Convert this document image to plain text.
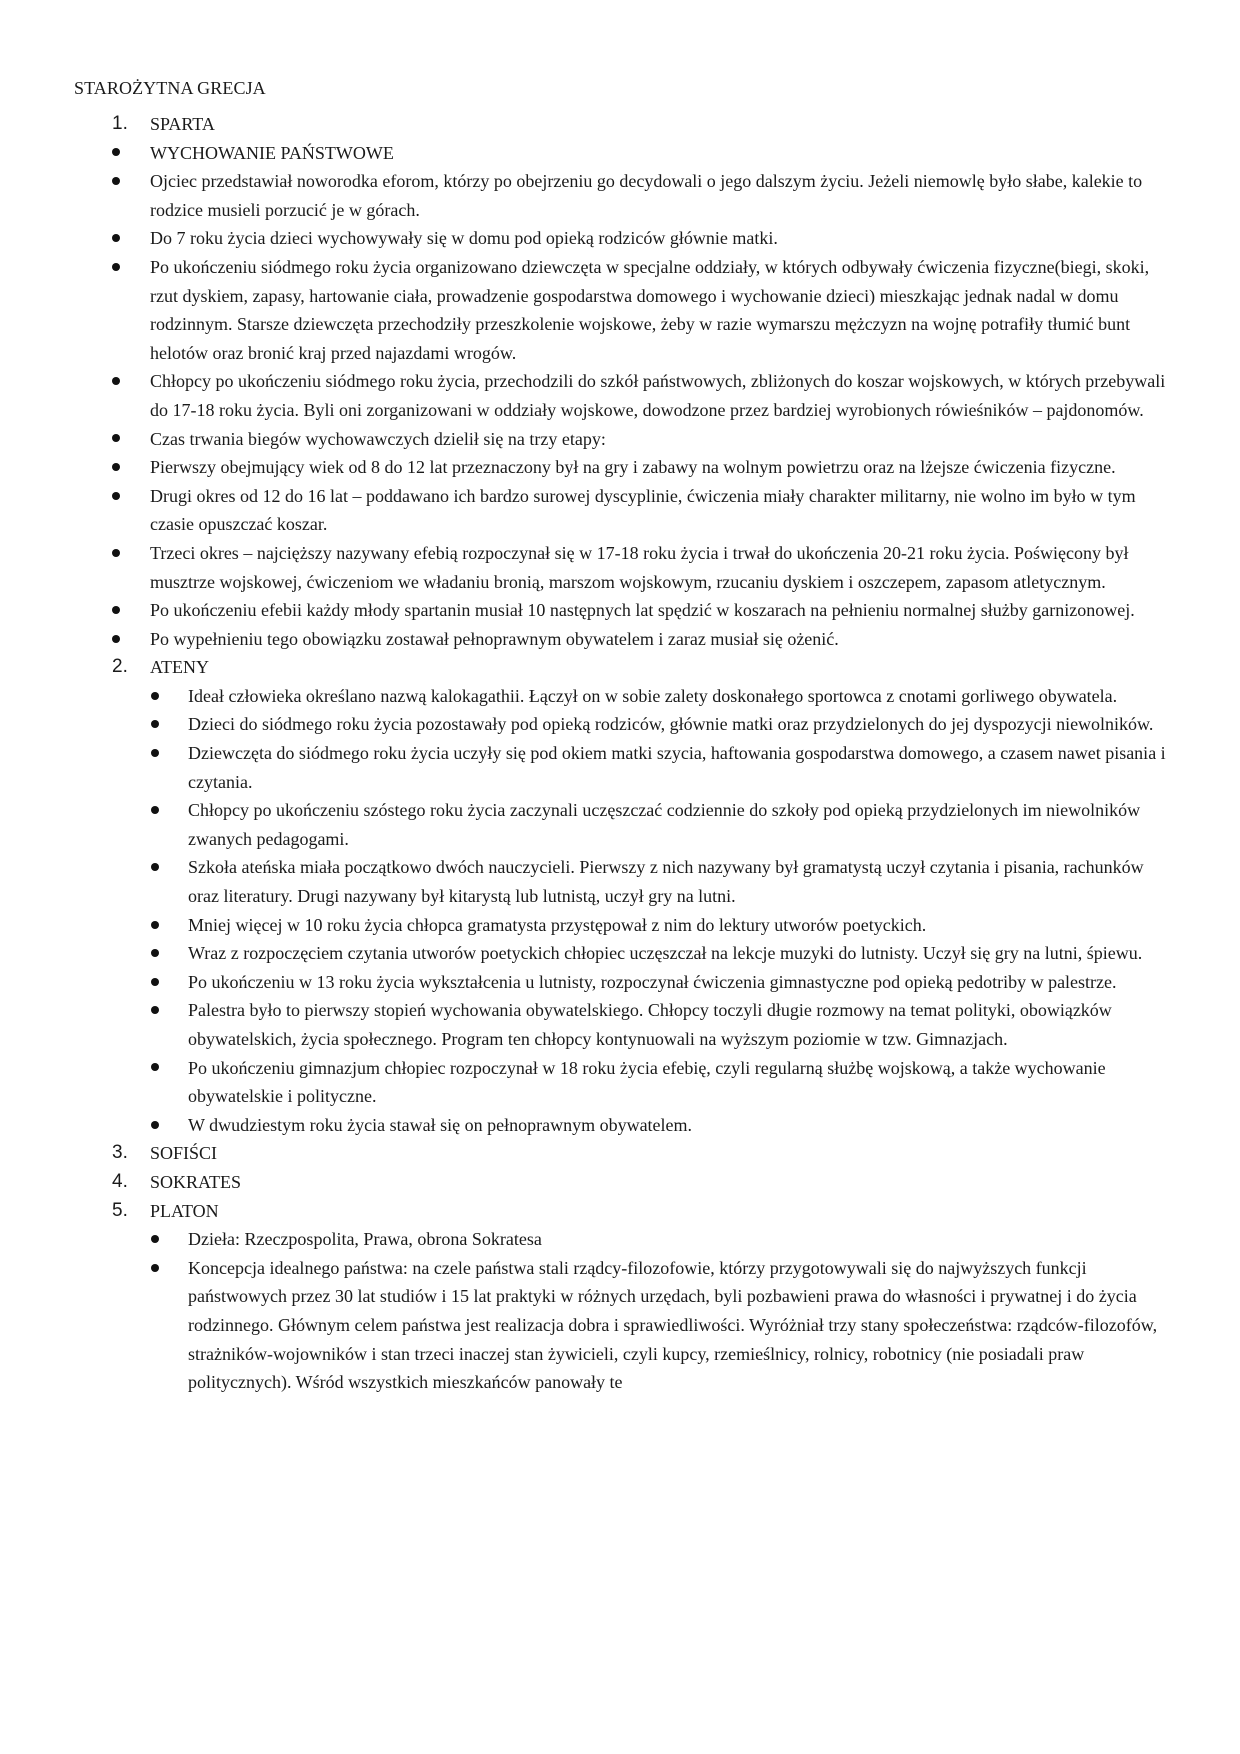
STAROŻYTNA GRECJA
1. SPARTA
WYCHOWANIE PAŃSTWOWE
Ojciec przedstawiał noworodka eforom, którzy po obejrzeniu go decydowali o jego dalszym życiu. Jeżeli niemowlę było słabe, kalekie to rodzice musieli porzucić je w górach.
Do 7 roku życia dzieci wychowywały się w domu pod opieką rodziców głównie matki.
Po ukończeniu siódmego roku życia organizowano dziewczęta w specjalne oddziały, w których odbywały ćwiczenia fizyczne(biegi, skoki, rzut dyskiem, zapasy, hartowanie ciała, prowadzenie gospodarstwa domowego i wychowanie dzieci) mieszkając jednak nadal w domu rodzinnym. Starsze dziewczęta przechodziły przeszkolenie wojskowe, żeby w razie wymarszu mężczyzn na wojnę potrafiły tłumić bunt helotów oraz bronić kraj przed najazdami wrogów.
Chłopcy po ukończeniu siódmego roku życia, przechodzili do szkół państwowych, zbliżonych do koszar wojskowych, w których przebywali do 17-18 roku życia. Byli oni zorganizowani w oddziały wojskowe, dowodzone przez bardziej wyrobionych rówieśników – pajdonomów.
Czas trwania biegów wychowawczych dzielił się na trzy etapy:
Pierwszy obejmujący wiek od 8 do 12 lat przeznaczony był na gry i zabawy na wolnym powietrzu oraz na lżejsze ćwiczenia fizyczne.
Drugi okres od 12 do 16 lat – poddawano ich bardzo surowej dyscyplinie, ćwiczenia miały charakter militarny, nie wolno im było w tym czasie opuszczać koszar.
Trzeci okres – najcięższy nazywany efebią rozpoczynał się w 17-18 roku życia i trwał do ukończenia 20-21 roku życia. Poświęcony był musztrze wojskowej, ćwiczeniom we władaniu bronią, marszom wojskowym, rzucaniu dyskiem i oszczepem, zapasom atletycznym.
Po ukończeniu efebii każdy młody spartanin musiał 10 następnych lat spędzić w koszarach na pełnieniu normalnej służby garnizonowej.
Po wypełnieniu tego obowiązku zostawał pełnoprawnym obywatelem i zaraz musiał się ożenić.
2. ATENY
Ideał człowieka określano nazwą kalokagathii. Łączył on w sobie zalety doskonałego sportowca z cnotami gorliwego obywatela.
Dzieci do siódmego roku życia pozostawały pod opieką rodziców, głównie matki oraz przydzielonych do jej dyspozycji niewolników.
Dziewczęta do siódmego roku życia uczyły się pod okiem matki szycia, haftowania gospodarstwa domowego, a czasem nawet pisania i czytania.
Chłopcy po ukończeniu szóstego roku życia zaczynali uczęszczać codziennie do szkoły pod opieką przydzielonych im niewolników zwanych pedagogami.
Szkoła ateńska miała początkowo dwóch nauczycieli. Pierwszy z nich nazywany był gramatystą uczył czytania i pisania, rachunków oraz literatury. Drugi nazywany był kitarystą lub lutnistą, uczył gry na lutni.
Mniej więcej w 10 roku życia chłopca gramatysta przystępował z nim do lektury utworów poetyckich.
Wraz z rozpoczęciem czytania utworów poetyckich chłopiec uczęszczał na lekcje muzyki do lutnisty. Uczył się gry na lutni, śpiewu.
Po ukończeniu w 13 roku życia wykształcenia u lutnisty, rozpoczynał ćwiczenia gimnastyczne pod opieką pedotriby w palestrze.
Palestra było to pierwszy stopień wychowania obywatelskiego. Chłopcy toczyli długie rozmowy na temat polityki, obowiązków obywatelskich, życia społecznego. Program ten chłopcy kontynuowali na wyższym poziomie w tzw. Gimnazjach.
Po ukończeniu gimnazjum chłopiec rozpoczynał w 18 roku życia efebię, czyli regularną służbę wojskową, a także wychowanie obywatelskie i polityczne.
W dwudziestym roku życia stawał się on pełnoprawnym obywatelem.
3. SOFIŚCI
4. SOKRATES
5. PLATON
Dzieła: Rzeczpospolita, Prawa, obrona Sokratesa
Koncepcja idealnego państwa: na czele państwa stali rządcy-filozofowie, którzy przygotowywali się do najwyższych funkcji państwowych przez 30 lat studiów i 15 lat praktyki w różnych urzędach, byli pozbawieni prawa do własności i prywatnej i do życia rodzinnego. Głównym celem państwa jest realizacja dobra i sprawiedliwości. Wyróżniał trzy stany społeczeństwa: rządców-filozofów, strażników-wojowników i stan trzeci inaczej stan żywicieli, czyli kupcy, rzemieślnicy, rolnicy, robotnicy (nie posiadali praw politycznych). Wśród wszystkich mieszkańców panowały te
